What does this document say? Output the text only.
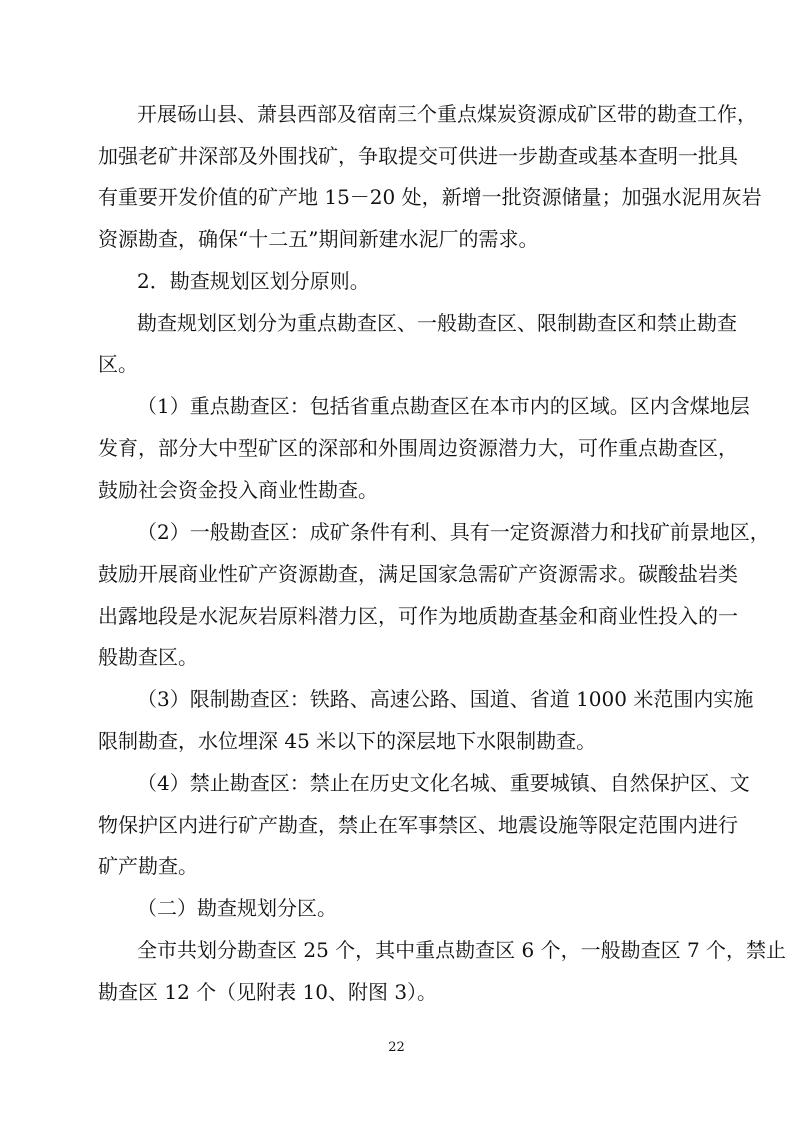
开展砀山县、萧县西部及宿南三个重点煤炭资源成矿区带的勘查工作，
加强老矿井深部及外围找矿，争取提交可供进一步勘查或基本查明一批具
有重要开发价值的矿产地 15－20 处，新增一批资源储量；加强水泥用灰岩
资源勘查，确保“十二五”期间新建水泥厂的需求。
2．勘查规划区划分原则。
勘查规划区划分为重点勘查区、一般勘查区、限制勘查区和禁止勘查
区。
（1）重点勘查区：包括省重点勘查区在本市内的区域。区内含煤地层
发育，部分大中型矿区的深部和外围周边资源潜力大，可作重点勘查区，
鼓励社会资金投入商业性勘查。
（2）一般勘查区：成矿条件有利、具有一定资源潜力和找矿前景地区，
鼓励开展商业性矿产资源勘查，满足国家急需矿产资源需求。碳酸盐岩类
出露地段是水泥灰岩原料潜力区，可作为地质勘查基金和商业性投入的一
般勘查区。
（3）限制勘查区：铁路、高速公路、国道、省道 1000 米范围内实施
限制勘查，水位埋深 45 米以下的深层地下水限制勘查。
（4）禁止勘查区：禁止在历史文化名城、重要城镇、自然保护区、文
物保护区内进行矿产勘查，禁止在军事禁区、地震设施等限定范围内进行
矿产勘查。
（二）勘查规划分区。
全市共划分勘查区 25 个，其中重点勘查区 6 个，一般勘查区 7 个，禁止
勘查区 12 个（见附表 10、附图 3）。
22
